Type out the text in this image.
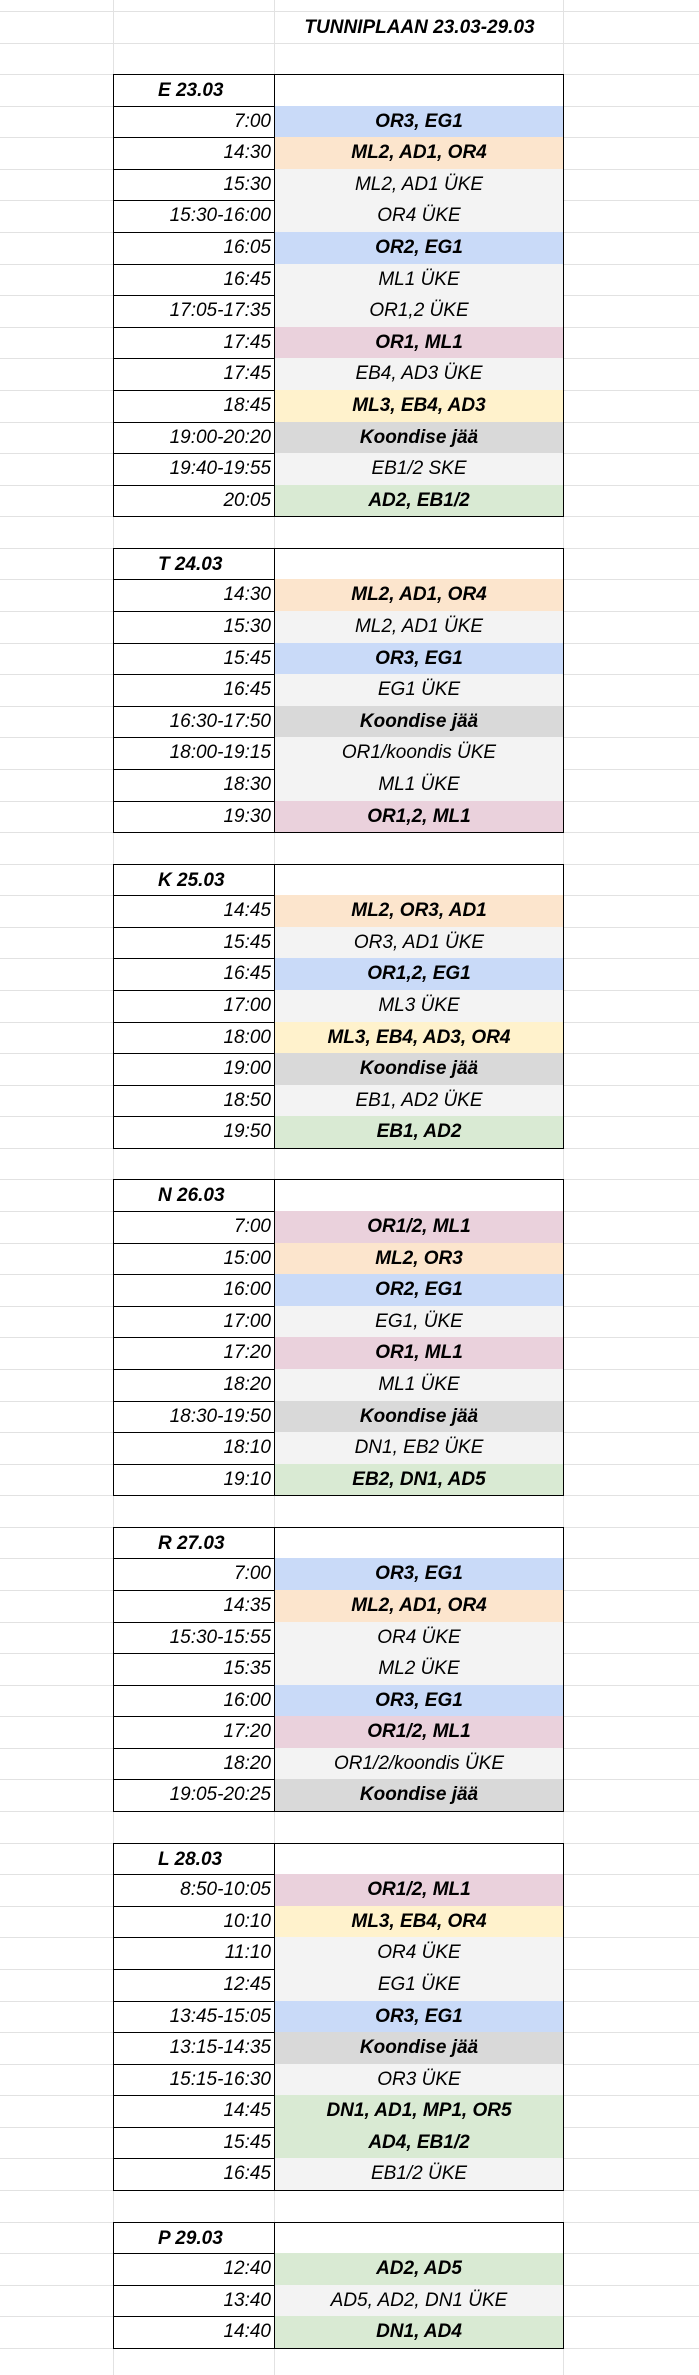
TUNNIPLAAN 23.03-29.03
E 23.03
7:00	OR3, EG1
14:30	ML2, AD1, OR4
15:30	ML2, AD1 ÜKE
15:30-16:00	OR4 ÜKE
16:05	OR2, EG1
16:45	ML1 ÜKE
17:05-17:35	OR1,2 ÜKE
17:45	OR1, ML1
17:45	EB4, AD3 ÜKE
18:45	ML3, EB4, AD3
19:00-20:20	Koondise jää
19:40-19:55	EB1/2 SKE
20:05	AD2, EB1/2
T 24.03
14:30	ML2, AD1, OR4
15:30	ML2, AD1 ÜKE
15:45	OR3, EG1
16:45	EG1 ÜKE
16:30-17:50	Koondise jää
18:00-19:15	OR1/koondis ÜKE
18:30	ML1 ÜKE
19:30	OR1,2, ML1
K 25.03
14:45	ML2, OR3, AD1
15:45	OR3, AD1 ÜKE
16:45	OR1,2, EG1
17:00	ML3 ÜKE
18:00	ML3, EB4, AD3, OR4
19:00	Koondise jää
18:50	EB1, AD2 ÜKE
19:50	EB1, AD2
N 26.03
7:00	OR1/2, ML1
15:00	ML2, OR3
16:00	OR2, EG1
17:00	EG1, ÜKE
17:20	OR1, ML1
18:20	ML1 ÜKE
18:30-19:50	Koondise jää
18:10	DN1, EB2 ÜKE
19:10	EB2, DN1, AD5
R 27.03
7:00	OR3, EG1
14:35	ML2, AD1, OR4
15:30-15:55	OR4 ÜKE
15:35	ML2 ÜKE
16:00	OR3, EG1
17:20	OR1/2, ML1
18:20	OR1/2/koondis ÜKE
19:05-20:25	Koondise jää
L 28.03
8:50-10:05	OR1/2, ML1
10:10	ML3, EB4, OR4
11:10	OR4 ÜKE
12:45	EG1 ÜKE
13:45-15:05	OR3, EG1
13:15-14:35	Koondise jää
15:15-16:30	OR3 ÜKE
14:45	DN1, AD1, MP1, OR5
15:45	AD4, EB1/2
16:45	EB1/2 ÜKE
P 29.03
12:40	AD2, AD5
13:40	AD5, AD2, DN1 ÜKE
14:40	DN1, AD4
